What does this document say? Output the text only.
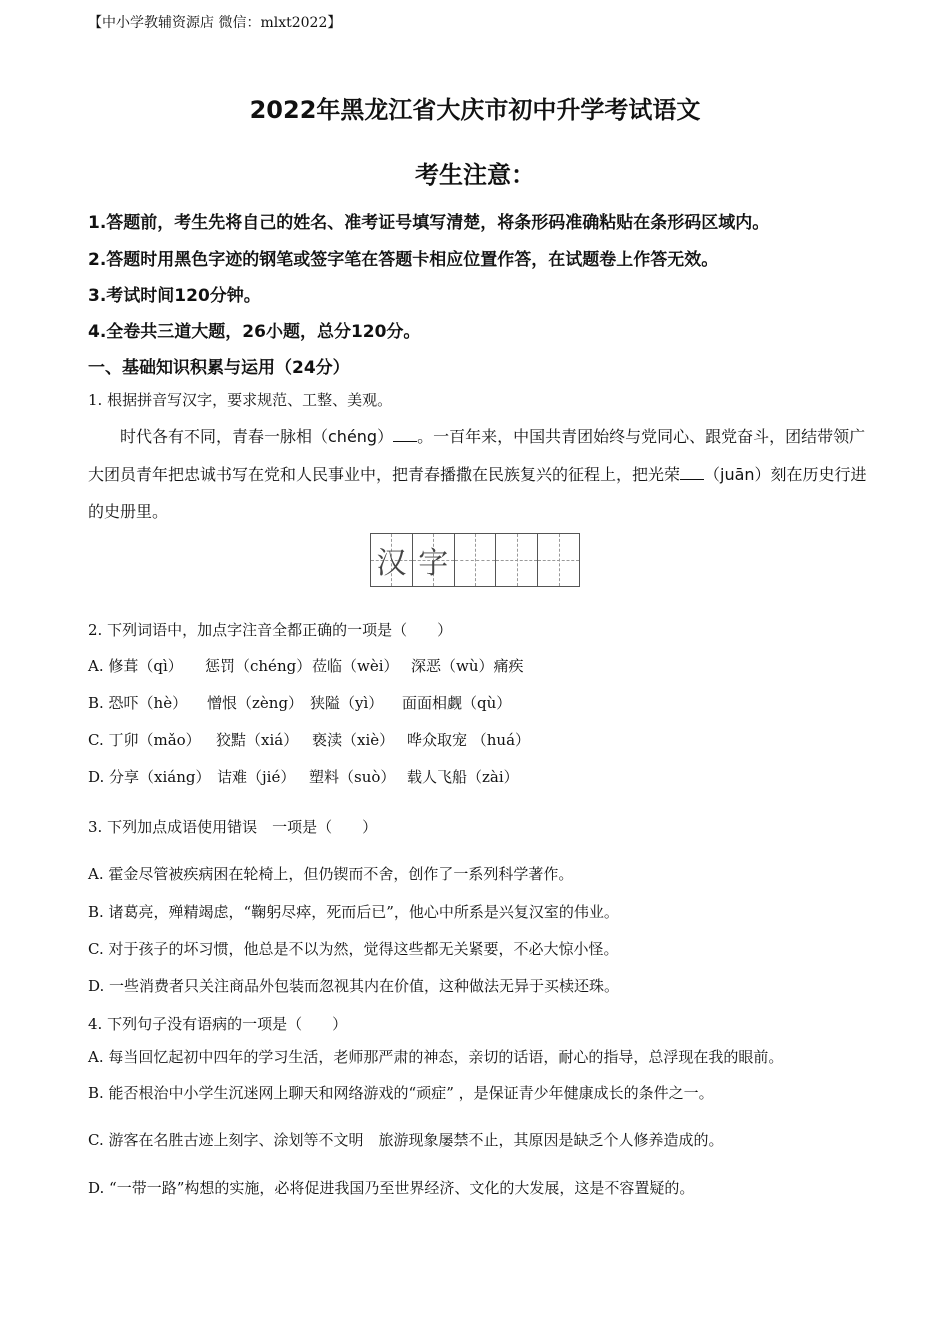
【中小学教辅资源店 微信：mlxt2022】
2022年黑龙江省大庆市初中升学考试语文
考生注意：
1.答题前，考生先将自己的姓名、准考证号填写清楚，将条形码准确粘贴在条形码区域内。
2.答题时用黑色字迹的钢笔或签字笔在答题卡相应位置作答，在试题卷上作答无效。
3.考试时间120分钟。
4.全卷共三道大题，26小题，总分120分。
一、基础知识积累与运用（24分）
1. 根据拼音写汉字，要求规范、工整、美观。
时代各有不同，青春一脉相（chéng） 。一百年来，中国共青团始终与党同心、跟党奋斗，团结带领广大团员青年把忠诚书写在党和人民事业中，把青春播撒在民族复兴的征程上，把光荣 （juān）刻在历史行进的史册里。
汉 字
2. 下列词语中，加点字注音全都正确的一项是（　　）
A. 修葺（qì） 惩罚（chéng） 莅临（wèi） 深恶（wù）痛疾
B. 恐吓（hè） 憎恨（zèng） 狭隘（yì） 面面相觑（qù）
C. 丁卯（mǎo） 狡黠（xiá） 亵渎（xiè） 哗众取宠 （huá）
D. 分享（xiáng） 诘难（jié） 塑料（suò） 载人飞船（zài）
3. 下列加点成语使用错误　一项是（　　）
A. 霍金尽管被疾病困在轮椅上，但仍锲而不舍，创作了一系列科学著作。
B. 诸葛亮，殚精竭虑，“鞠躬尽瘁，死而后已”，他心中所系是兴复汉室的伟业。
C. 对于孩子的坏习惯，他总是不以为然，觉得这些都无关紧要，不必大惊小怪。
D. 一些消费者只关注商品外包装而忽视其内在价值，这种做法无异于买椟还珠。
4. 下列句子没有语病的一项是（　　）
A. 每当回忆起初中四年的学习生活，老师那严肃的神态，亲切的话语，耐心的指导，总浮现在我的眼前。
B. 能否根治中小学生沉迷网上聊天和网络游戏的“顽症” ，是保证青少年健康成长的条件之一。
C. 游客在名胜古迹上刻字、涂划等不文明　旅游现象屡禁不止，其原因是缺乏个人修养造成的。
D. “一带一路”构想的实施，必将促进我国乃至世界经济、文化的大发展，这是不容置疑的。
